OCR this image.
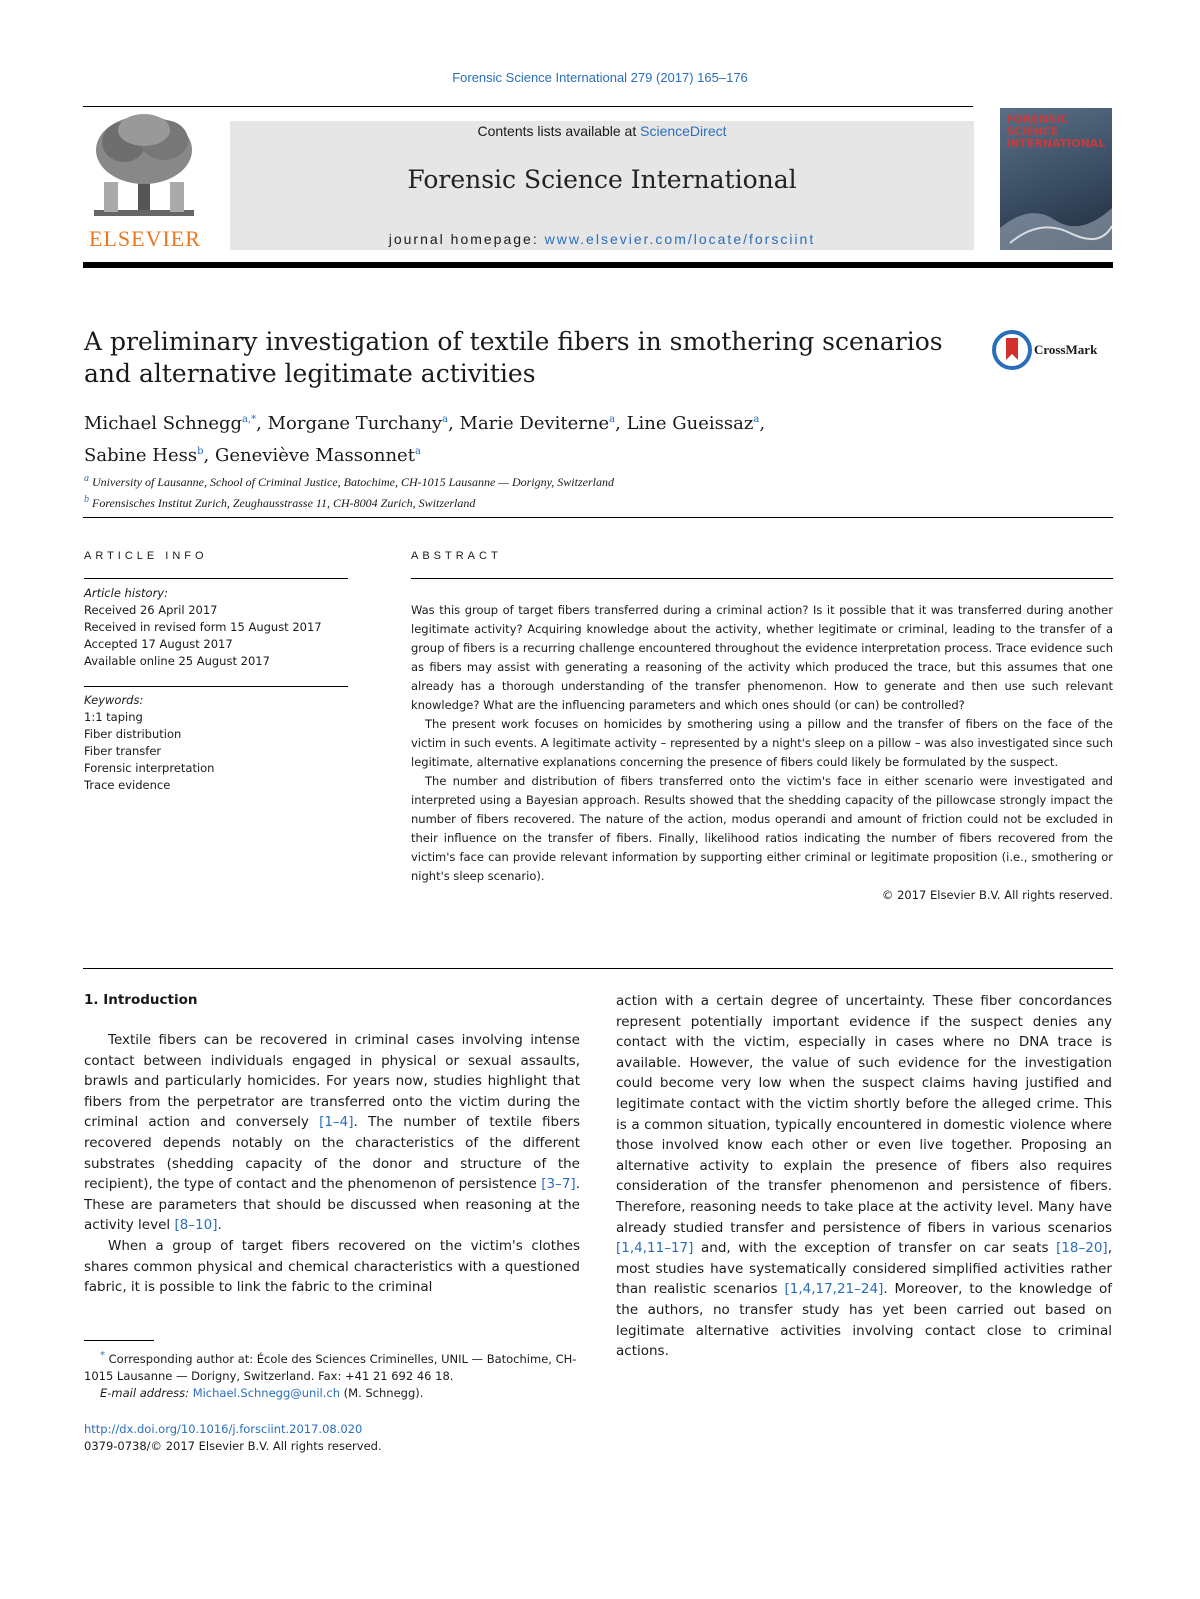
Forensic Science International 279 (2017) 165–176
ELSEVIER
Contents lists available at ScienceDirect
Forensic Science International
journal homepage: www.elsevier.com/locate/forsciint
FORENSIC SCIENCE INTERNATIONAL
A preliminary investigation of textile fibers in smothering scenarios and alternative legitimate activities
CrossMark
Michael Schnegg$^{a,*}$, Morgane Turchany$^a$, Marie Deviterne$^a$, Line Gueissaz$^a$,
Sabine Hess$^b$, Geneviève Massonnet$^a$
$^a$ University of Lausanne, School of Criminal Justice, Batochime, CH-1015 Lausanne — Dorigny, Switzerland
$^b$ Forensisches Institut Zurich, Zeughausstrasse 11, CH-8004 Zurich, Switzerland
ARTICLE INFO
Article history:
Received 26 April 2017
Received in revised form 15 August 2017
Accepted 17 August 2017
Available online 25 August 2017
Keywords:
1:1 taping
Fiber distribution
Fiber transfer
Forensic interpretation
Trace evidence
ABSTRACT

Was this group of target fibers transferred during a criminal action? Is it possible that it was transferred during another legitimate activity? Acquiring knowledge about the activity, whether legitimate or criminal, leading to the transfer of a group of fibers is a recurring challenge encountered throughout the evidence interpretation process. Trace evidence such as fibers may assist with generating a reasoning of the activity which produced the trace, but this assumes that one already has a thorough understanding of the transfer phenomenon. How to generate and then use such relevant knowledge? What are the influencing parameters and which ones should (or can) be controlled?

The present work focuses on homicides by smothering using a pillow and the transfer of fibers on the face of the victim in such events. A legitimate activity – represented by a night's sleep on a pillow – was also investigated since such legitimate, alternative explanations concerning the presence of fibers could likely be formulated by the suspect.

The number and distribution of fibers transferred onto the victim's face in either scenario were investigated and interpreted using a Bayesian approach. Results showed that the shedding capacity of the pillowcase strongly impact the number of fibers recovered. The nature of the action, modus operandi and amount of friction could not be excluded in their influence on the transfer of fibers. Finally, likelihood ratios indicating the number of fibers recovered from the victim's face can provide relevant information by supporting either criminal or legitimate proposition (i.e., smothering or night's sleep scenario).

© 2017 Elsevier B.V. All rights reserved.
1. Introduction

Textile fibers can be recovered in criminal cases involving intense contact between individuals engaged in physical or sexual assaults, brawls and particularly homicides. For years now, studies highlight that fibers from the perpetrator are transferred onto the victim during the criminal action and conversely [1–4]. The number of textile fibers recovered depends notably on the characteristics of the different substrates (shedding capacity of the donor and structure of the recipient), the type of contact and the phenomenon of persistence [3–7]. These are parameters that should be discussed when reasoning at the activity level [8–10].

When a group of target fibers recovered on the victim's clothes shares common physical and chemical characteristics with a questioned fabric, it is possible to link the fabric to the criminal

action with a certain degree of uncertainty. These fiber concordances represent potentially important evidence if the suspect denies any contact with the victim, especially in cases where no DNA trace is available. However, the value of such evidence for the investigation could become very low when the suspect claims having justified and legitimate contact with the victim shortly before the alleged crime. This is a common situation, typically encountered in domestic violence where those involved know each other or even live together. Proposing an alternative activity to explain the presence of fibers also requires consideration of the transfer phenomenon and persistence of fibers. Therefore, reasoning needs to take place at the activity level. Many have already studied transfer and persistence of fibers in various scenarios [1,4,11–17] and, with the exception of transfer on car seats [18–20], most studies have systematically considered simplified activities rather than realistic scenarios [1,4,17,21–24]. Moreover, to the knowledge of the authors, no transfer study has yet been carried out based on legitimate alternative activities involving contact close to criminal actions.

* Corresponding author at: École des Sciences Criminelles, UNIL — Batochime, CH-1015 Lausanne — Dorigny, Switzerland. Fax: +41 21 692 46 18.

E-mail address: Michael.Schnegg@unil.ch (M. Schnegg).

http://dx.doi.org/10.1016/j.forsciint.2017.08.020
0379-0738/© 2017 Elsevier B.V. All rights reserved.
